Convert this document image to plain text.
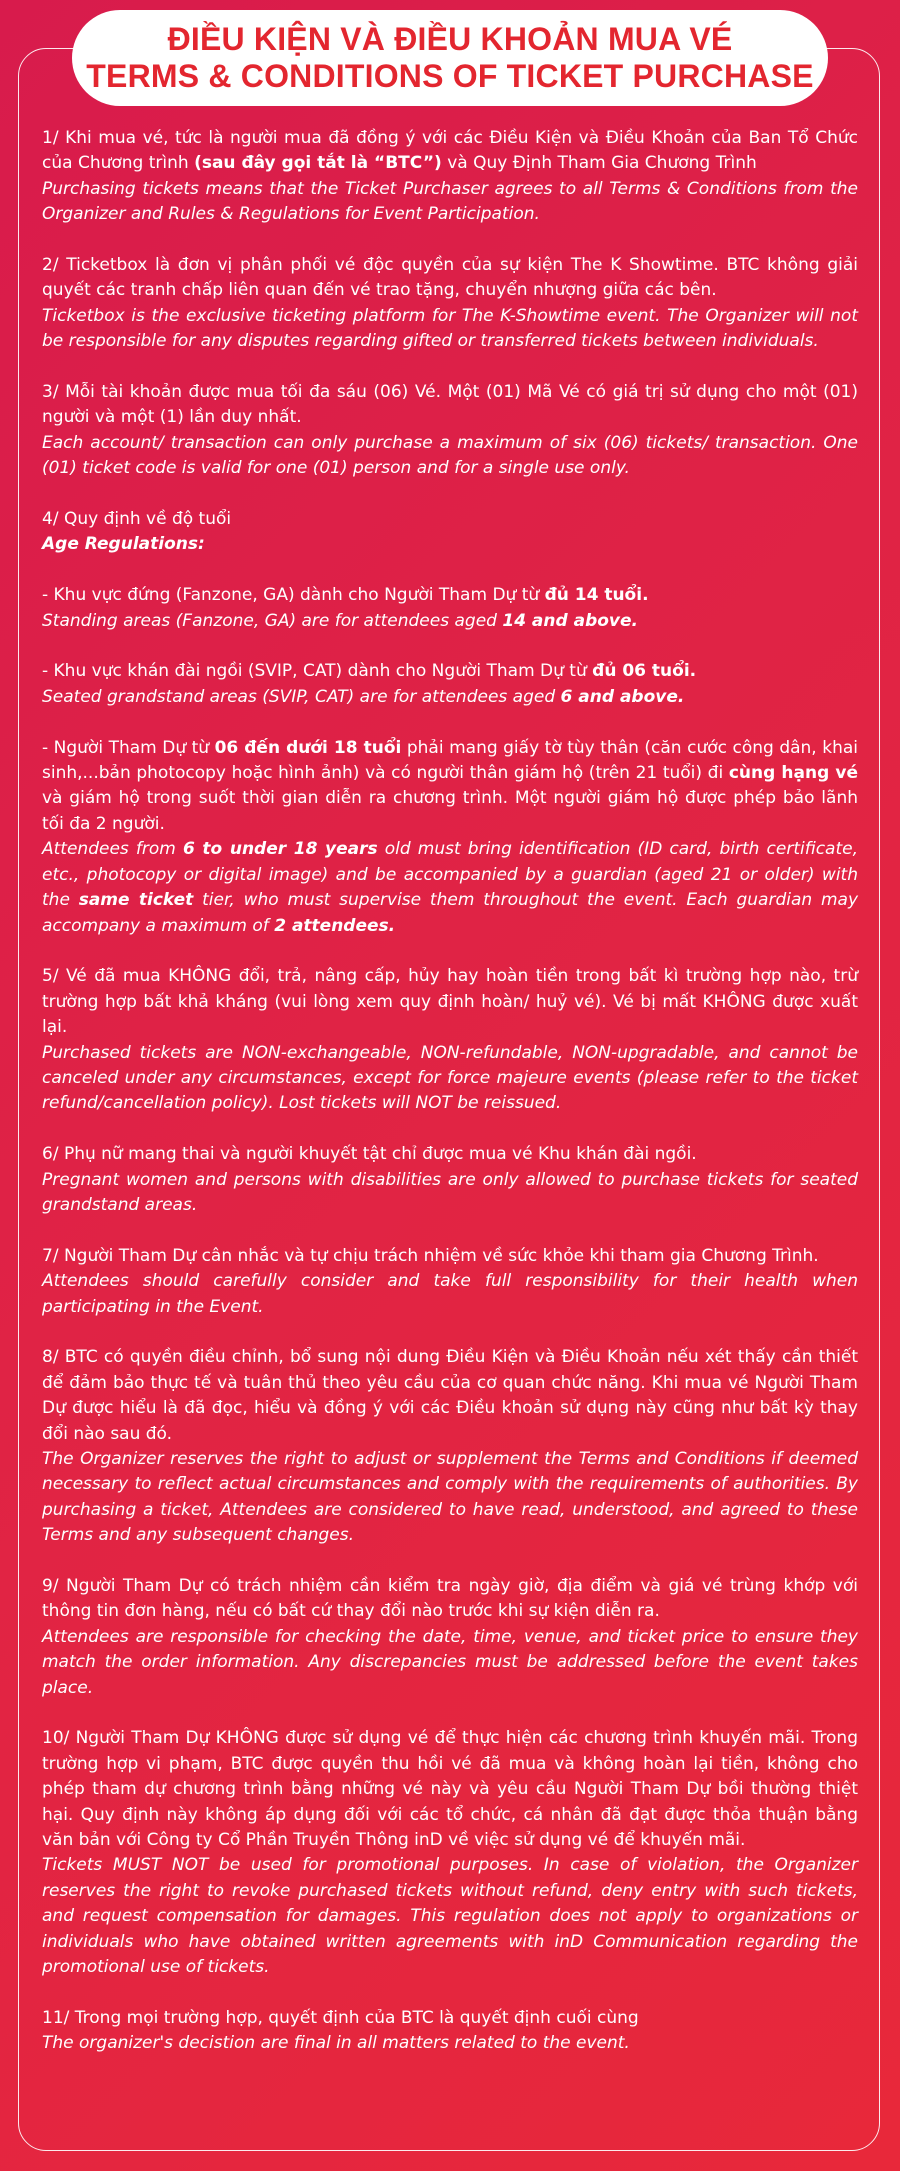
ĐIỀU KIỆN VÀ ĐIỀU KHOẢN MUA VÉ
TERMS & CONDITIONS OF TICKET PURCHASE
1/ Khi mua vé, tức là người mua đã đồng ý với các Điều Kiện và Điều Khoản của Ban Tổ Chức của Chương trình (sau đây gọi tắt là “BTC”) và Quy Định Tham Gia Chương Trình
Purchasing tickets means that the Ticket Purchaser agrees to all Terms & Conditions from the Organizer and Rules & Regulations for Event Participation.
2/ Ticketbox là đơn vị phân phối vé độc quyền của sự kiện The K Showtime. BTC không giải quyết các tranh chấp liên quan đến vé trao tặng, chuyển nhượng giữa các bên.
Ticketbox is the exclusive ticketing platform for The K-Showtime event. The Organizer will not be responsible for any disputes regarding gifted or transferred tickets between individuals.
3/ Mỗi tài khoản được mua tối đa sáu (06) Vé. Một (01) Mã Vé có giá trị sử dụng cho một (01) người và một (1) lần duy nhất.
Each account/ transaction can only purchase a maximum of six (06) tickets/ transaction. One (01) ticket code is valid for one (01) person and for a single use only.
4/ Quy định về độ tuổi
Age Regulations:
- Khu vực đứng (Fanzone, GA) dành cho Người Tham Dự từ đủ 14 tuổi.
Standing areas (Fanzone, GA) are for attendees aged 14 and above.
- Khu vực khán đài ngồi (SVIP, CAT) dành cho Người Tham Dự từ đủ 06 tuổi.
Seated grandstand areas (SVIP, CAT) are for attendees aged 6 and above.
- Người Tham Dự từ 06 đến dưới 18 tuổi phải mang giấy tờ tùy thân (căn cước công dân, khai sinh,...bản photocopy hoặc hình ảnh) và có người thân giám hộ (trên 21 tuổi) đi cùng hạng vé và giám hộ trong suốt thời gian diễn ra chương trình. Một người giám hộ được phép bảo lãnh tối đa 2 người.
Attendees from 6 to under 18 years old must bring identification (ID card, birth certificate, etc., photocopy or digital image) and be accompanied by a guardian (aged 21 or older) with the same ticket tier, who must supervise them throughout the event. Each guardian may accompany a maximum of 2 attendees.
5/ Vé đã mua KHÔNG đổi, trả, nâng cấp, hủy hay hoàn tiền trong bất kì trường hợp nào, trừ trường hợp bất khả kháng (vui lòng xem quy định hoàn/ huỷ vé). Vé bị mất KHÔNG được xuất lại.
Purchased tickets are NON-exchangeable, NON-refundable, NON-upgradable, and cannot be canceled under any circumstances, except for force majeure events (please refer to the ticket refund/cancellation policy). Lost tickets will NOT be reissued.
6/ Phụ nữ mang thai và người khuyết tật chỉ được mua vé Khu khán đài ngồi.
Pregnant women and persons with disabilities are only allowed to purchase tickets for seated grandstand areas.
7/ Người Tham Dự cân nhắc và tự chịu trách nhiệm về sức khỏe khi tham gia Chương Trình.
Attendees should carefully consider and take full responsibility for their health when participating in the Event.
8/ BTC có quyền điều chỉnh, bổ sung nội dung Điều Kiện và Điều Khoản nếu xét thấy cần thiết để đảm bảo thực tế và tuân thủ theo yêu cầu của cơ quan chức năng. Khi mua vé Người Tham Dự được hiểu là đã đọc, hiểu và đồng ý với các Điều khoản sử dụng này cũng như bất kỳ thay đổi nào sau đó.
The Organizer reserves the right to adjust or supplement the Terms and Conditions if deemed necessary to reflect actual circumstances and comply with the requirements of authorities. By purchasing a ticket, Attendees are considered to have read, understood, and agreed to these Terms and any subsequent changes.
9/ Người Tham Dự có trách nhiệm cần kiểm tra ngày giờ, địa điểm và giá vé trùng khớp với thông tin đơn hàng, nếu có bất cứ thay đổi nào trước khi sự kiện diễn ra.
Attendees are responsible for checking the date, time, venue, and ticket price to ensure they match the order information. Any discrepancies must be addressed before the event takes place.
10/ Người Tham Dự KHÔNG được sử dụng vé để thực hiện các chương trình khuyến mãi. Trong trường hợp vi phạm, BTC được quyền thu hồi vé đã mua và không hoàn lại tiền, không cho phép tham dự chương trình bằng những vé này và yêu cầu Người Tham Dự bồi thường thiệt hại. Quy định này không áp dụng đối với các tổ chức, cá nhân đã đạt được thỏa thuận bằng văn bản với Công ty Cổ Phần Truyền Thông inD về việc sử dụng vé để khuyến mãi.
Tickets MUST NOT be used for promotional purposes. In case of violation, the Organizer reserves the right to revoke purchased tickets without refund, deny entry with such tickets, and request compensation for damages. This regulation does not apply to organizations or individuals who have obtained written agreements with inD Communication regarding the promotional use of tickets.
11/ Trong mọi trường hợp, quyết định của BTC là quyết định cuối cùng
The organizer's decistion are final in all matters related to the event.
